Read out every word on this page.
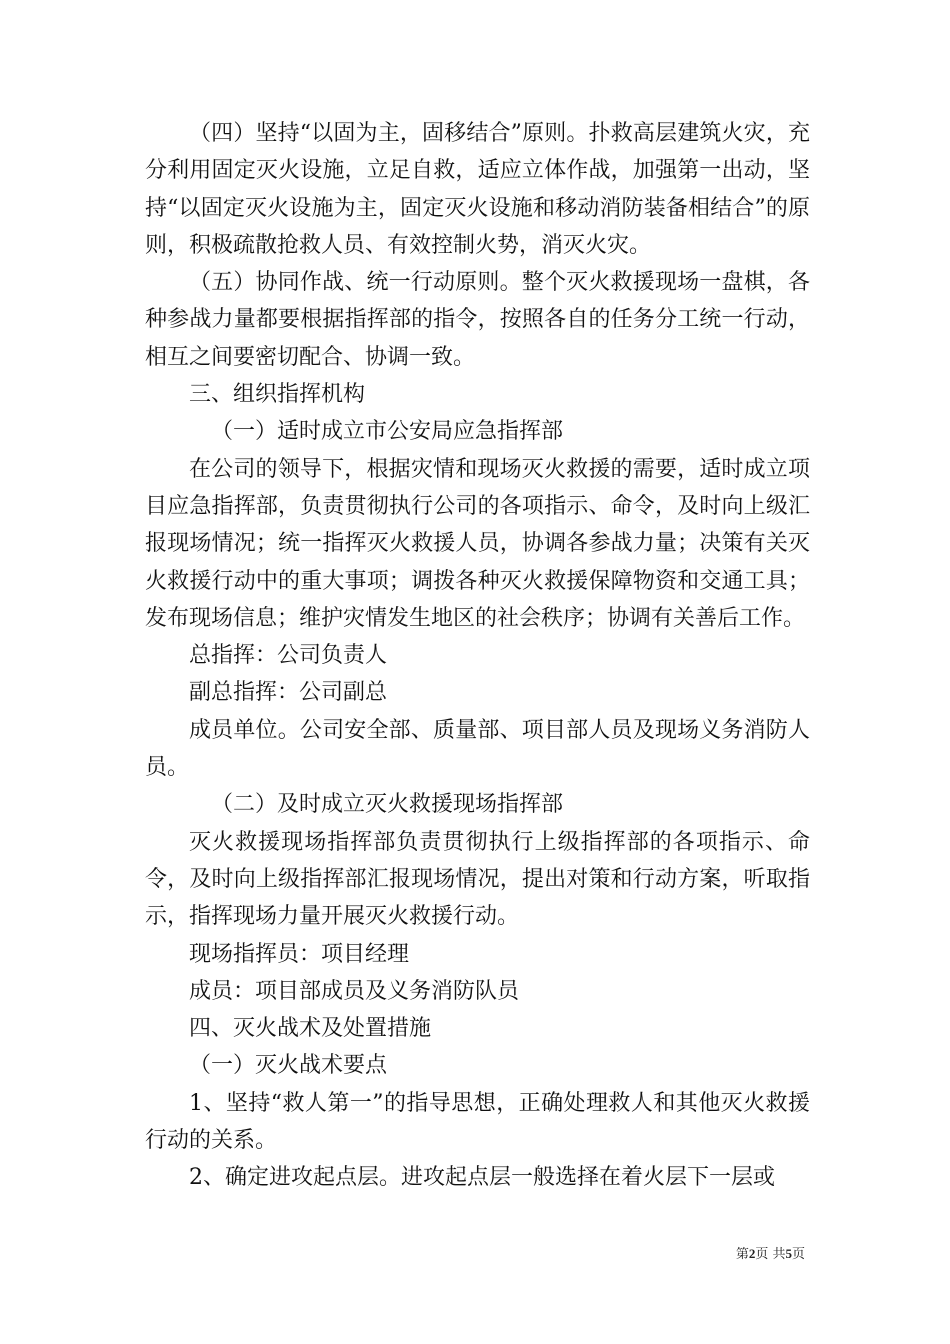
（四）坚持“以固为主，固移结合”原则。扑救高层建筑火灾，充分利用固定灭火设施，立足自救，适应立体作战，加强第一出动，坚持“以固定灭火设施为主，固定灭火设施和移动消防装备相结合”的原则，积极疏散抢救人员、有效控制火势，消灭火灾。

（五）协同作战、统一行动原则。整个灭火救援现场一盘棋，各种参战力量都要根据指挥部的指令，按照各自的任务分工统一行动，相互之间要密切配合、协调一致。

三、组织指挥机构

（一）适时成立市公安局应急指挥部

在公司的领导下，根据灾情和现场灭火救援的需要，适时成立项目应急指挥部，负责贯彻执行公司的各项指示、命令，及时向上级汇报现场情况；统一指挥灭火救援人员，协调各参战力量；决策有关灭火救援行动中的重大事项；调拨各种灭火救援保障物资和交通工具；发布现场信息；维护灾情发生地区的社会秩序；协调有关善后工作。

总指挥：公司负责人

副总指挥：公司副总

成员单位。公司安全部、质量部、项目部人员及现场义务消防人员。

（二）及时成立灭火救援现场指挥部

灭火救援现场指挥部负责贯彻执行上级指挥部的各项指示、命令，及时向上级指挥部汇报现场情况，提出对策和行动方案，听取指示，指挥现场力量开展灭火救援行动。

现场指挥员：项目经理

成员：项目部成员及义务消防队员

四、灭火战术及处置措施

（一）灭火战术要点

1、坚持“救人第一”的指导思想，正确处理救人和其他灭火救援行动的关系。

2、确定进攻起点层。进攻起点层一般选择在着火层下一层或

第2页 共5页
